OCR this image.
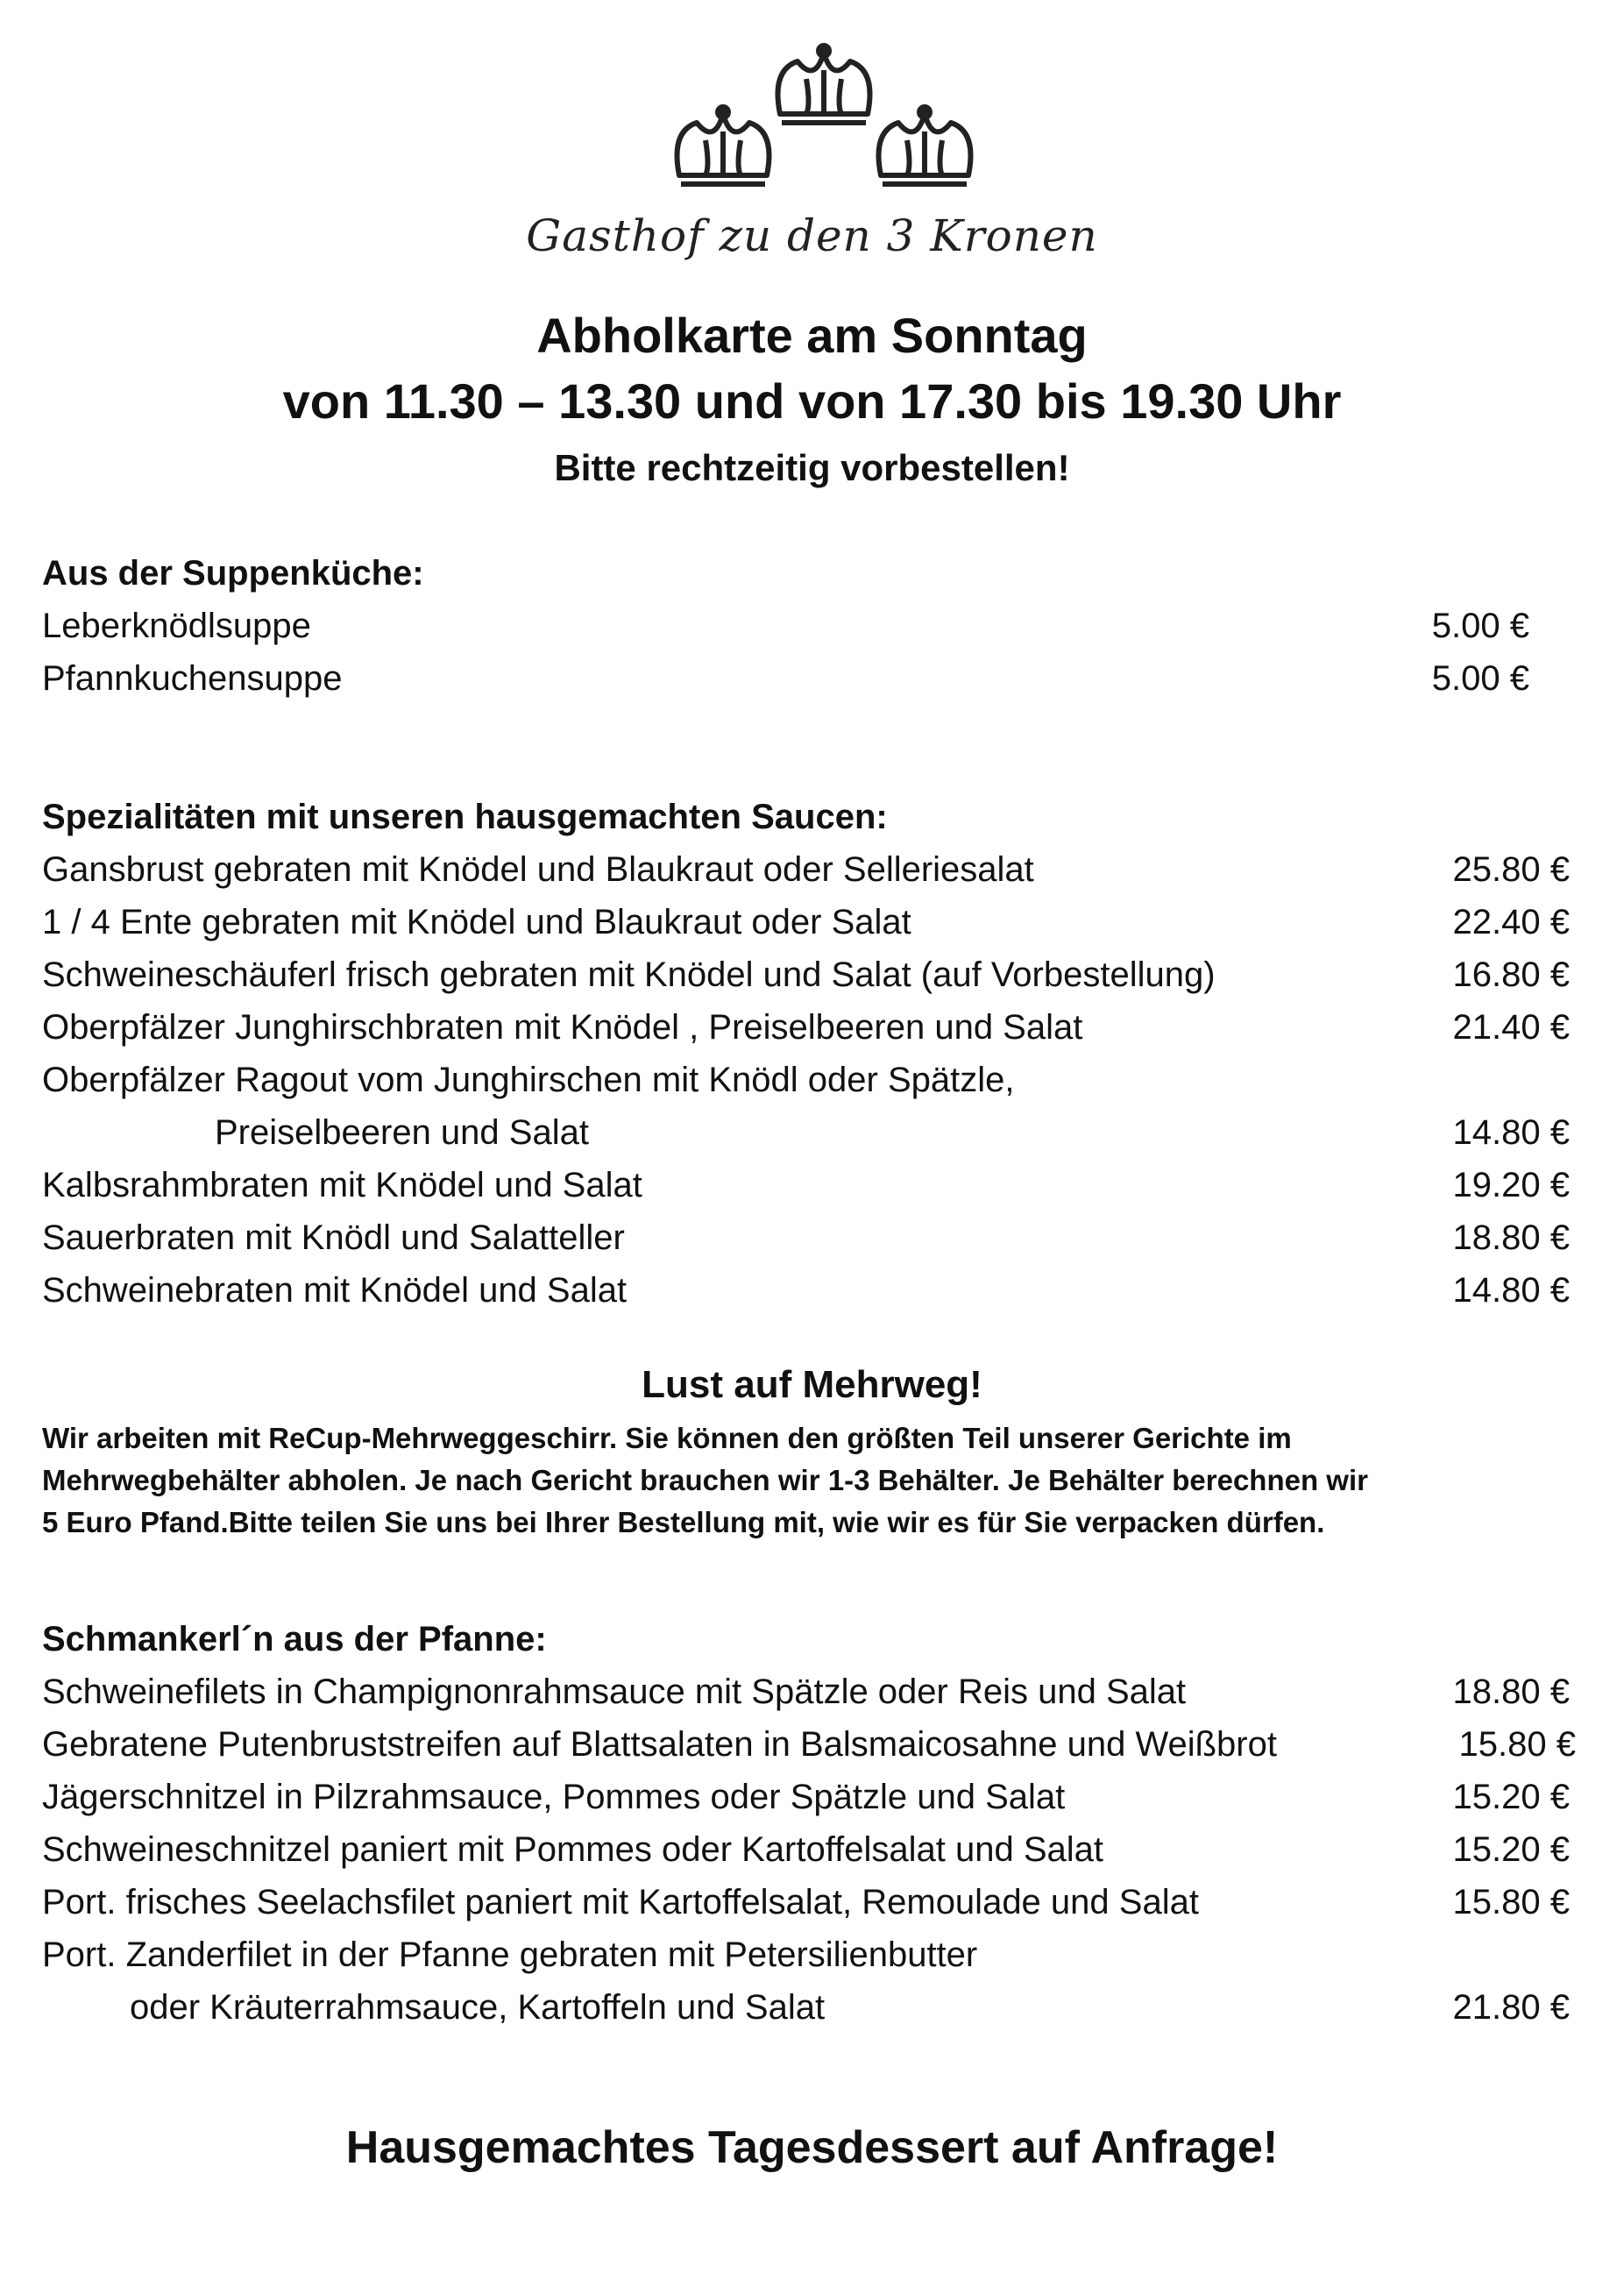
Gasthof zu den 3 Kronen
Abholkarte am Sonntag
von 11.30 – 13.30 und von 17.30 bis 19.30 Uhr
Bitte rechtzeitig vorbestellen!
Aus der Suppenküche:
Leberknödlsuppe	5.00 €
Pfannkuchensuppe	5.00 €
Spezialitäten mit unseren hausgemachten Saucen:
Gansbrust gebraten mit Knödel und Blaukraut oder Selleriesalat	25.80 €
1 / 4 Ente gebraten mit Knödel und Blaukraut oder Salat	22.40 €
Schweineschäuferl frisch gebraten mit Knödel und Salat (auf Vorbestellung)	16.80 €
Oberpfälzer Junghirschbraten mit Knödel , Preiselbeeren und Salat	21.40 €
Oberpfälzer Ragout vom Junghirschen mit Knödl oder Spätzle,
Preiselbeeren und Salat	14.80 €
Kalbsrahmbraten mit Knödel und Salat	19.20 €
Sauerbraten mit Knödl und Salatteller	18.80 €
Schweinebraten mit Knödel und Salat	14.80 €
Lust auf Mehrweg!
Wir arbeiten mit ReCup-Mehrweggeschirr. Sie können den größten Teil unserer Gerichte im
Mehrwegbehälter abholen. Je nach Gericht brauchen wir 1-3 Behälter. Je Behälter berechnen wir
5 Euro Pfand.Bitte teilen Sie uns bei Ihrer Bestellung mit, wie wir es für Sie verpacken dürfen.
Schmankerl´n aus der Pfanne:
Schweinefilets in Champignonrahmsauce mit Spätzle oder Reis und Salat	18.80 €
Gebratene Putenbruststreifen auf Blattsalaten in Balsmaicosahne und Weißbrot	15.80 €
Jägerschnitzel in Pilzrahmsauce, Pommes oder Spätzle und Salat	15.20 €
Schweineschnitzel paniert mit Pommes oder Kartoffelsalat und Salat	15.20 €
Port. frisches Seelachsfilet paniert mit Kartoffelsalat, Remoulade und Salat	15.80 €
Port. Zanderfilet in der Pfanne gebraten mit Petersilienbutter
oder Kräuterrahmsauce, Kartoffeln und Salat	21.80 €
Hausgemachtes Tagesdessert auf Anfrage!
